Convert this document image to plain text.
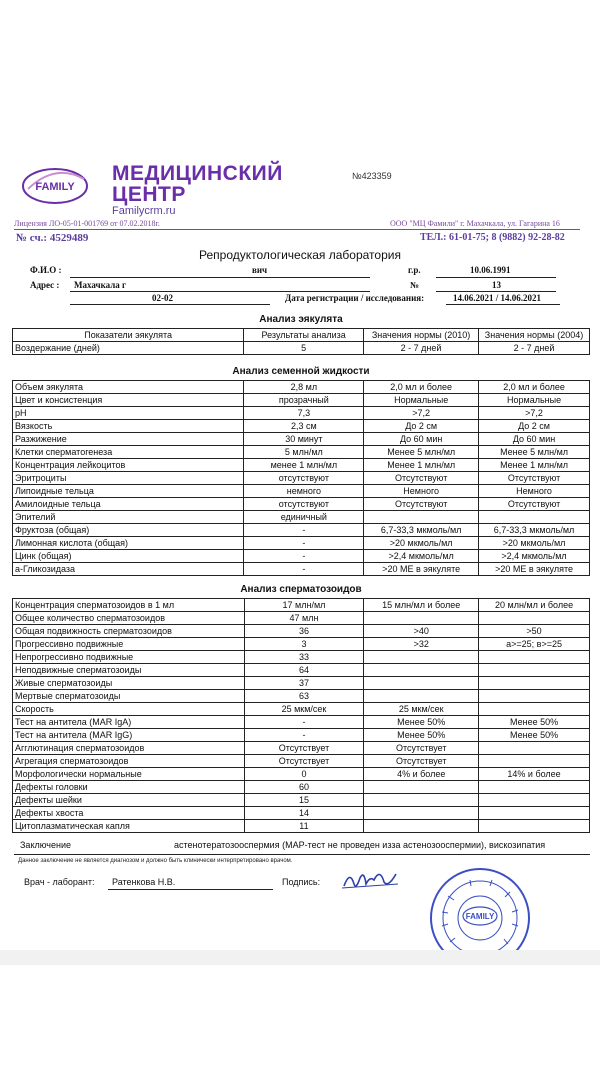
FAMILY
МЕДИЦИНСКИЙ
ЦЕНТР
Familycrm.ru
№423359
Лицензия ЛО-05-01-001769 от 07.02.2018г.	ООО "МЦ Фамили" г. Махачкала, ул. Гагарина 16
№ сч.: 4529489	ТЕЛ.: 61-01-75; 8 (9882) 92-28-82
Репродуктологическая лаборатория
Ф.И.О :	вич	г.р.	10.06.1991
Адрес : Махачкала г	№	13
02-02	Дата регистрации / исследования:	14.06.2021 / 14.06.2021
Анализ эякулята
Показатели эякулята	Результаты анализа	Значения нормы (2010)	Значения нормы (2004)
Воздержание (дней)	5	2 - 7 дней	2 - 7 дней
Анализ семенной жидкости
Объем эякулята	2,8 мл	2,0 мл и более	2,0 мл и более
Цвет и консистенция	прозрачный	Нормальные	Нормальные
pH	7,3	>7,2	>7,2
Вязкость	2,3 см	До 2 см	До 2 см
Разжижение	30 минут	До 60 мин	До 60 мин
Клетки сперматогенеза	5 млн/мл	Менее 5 млн/мл	Менее 5 млн/мл
Концентрация лейкоцитов	менее 1 млн/мл	Менее 1 млн/мл	Менее 1 млн/мл
Эритроциты	отсутствуют	Отсутствуют	Отсутствуют
Липоидные тельца	немного	Немного	Немного
Амилоидные тельца	отсутствуют	Отсутствуют	Отсутствуют
Эпителий	единичный		
Фруктоза (общая)	-	6,7-33,3 мкмоль/мл	6,7-33,3 мкмоль/мл
Лимонная кислота (общая)	-	>20 мкмоль/мл	>20 мкмоль/мл
Цинк (общая)	-	>2,4 мкмоль/мл	>2,4 мкмоль/мл
а-Гликозидаза	-	>20 МЕ в эякуляте	>20 МЕ в эякуляте
Анализ сперматозоидов
Концентрация сперматозоидов в 1 мл	17 млн/мл	15 млн/мл и более	20 млн/мл и более
Общее количество сперматозоидов	47 млн		
Общая подвижность сперматозоидов	36	>40	>50
Прогрессивно подвижные	3	>32	a>=25; в>=25
Непрогрессивно подвижные	33		
Неподвижные сперматозоиды	64		
Живые сперматозоиды	37		
Мертвые сперматозоиды	63		
Скорость	25 мкм/сек	25 мкм/сек	
Тест на антитела (MAR IgA)	-	Менее 50%	Менее 50%
Тест на антитела (MAR IgG)	-	Менее 50%	Менее 50%
Агглютинация сперматозоидов	Отсутствует	Отсутствует	
Агрегация сперматозоидов	Отсутствует	Отсутствует	
Морфологически нормальные	0	4% и более	14% и более
Дефекты головки	60		
Дефекты шейки	15		
Дефекты хвоста	14		
Цитоплазматическая капля	11		
Заключение	астенотератозооспермия (МАР-тест не проведен изза астенозооспермии), вискозипатия
Данное заключение не является диагнозом и должно быть клинически интерпретировано врачом.
Врач - лаборант: Ратенкова Н.В.	Подпись:
FAMILY
